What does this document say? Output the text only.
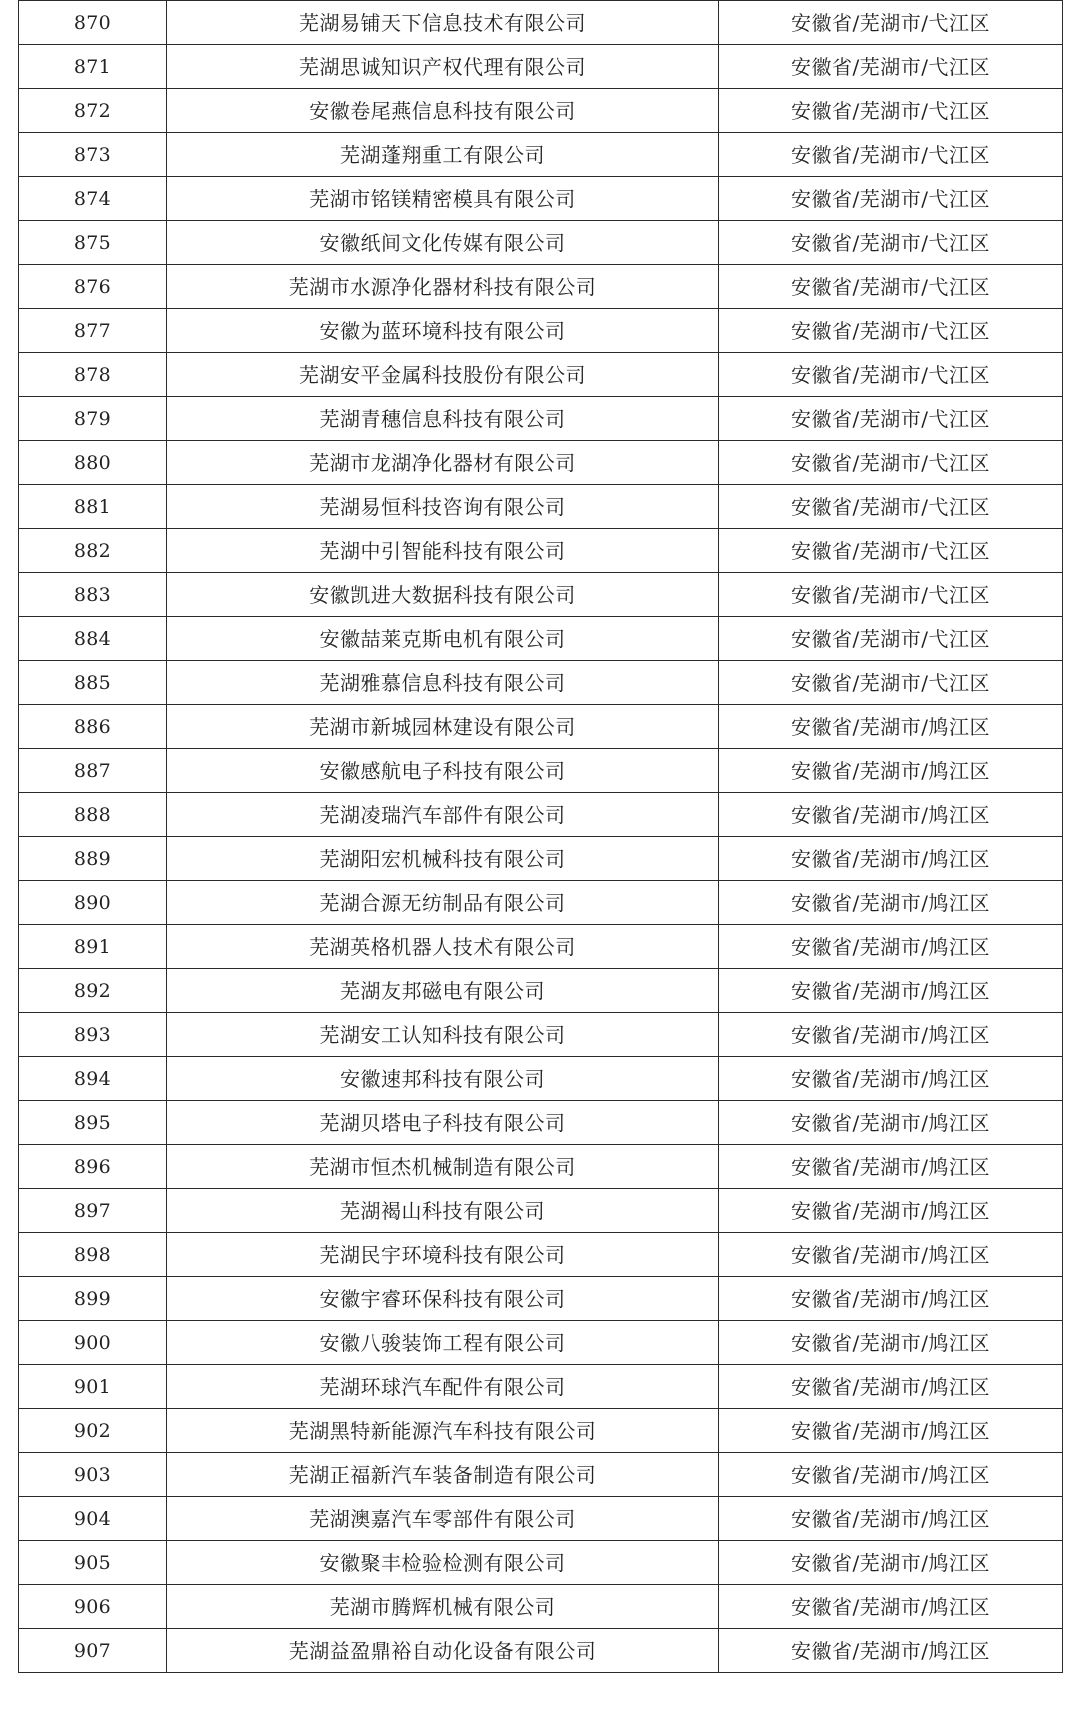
870	芜湖易铺天下信息技术有限公司	安徽省/芜湖市/弋江区
871	芜湖思诚知识产权代理有限公司	安徽省/芜湖市/弋江区
872	安徽卷尾燕信息科技有限公司	安徽省/芜湖市/弋江区
873	芜湖蓬翔重工有限公司	安徽省/芜湖市/弋江区
874	芜湖市铭镁精密模具有限公司	安徽省/芜湖市/弋江区
875	安徽纸间文化传媒有限公司	安徽省/芜湖市/弋江区
876	芜湖市水源净化器材科技有限公司	安徽省/芜湖市/弋江区
877	安徽为蓝环境科技有限公司	安徽省/芜湖市/弋江区
878	芜湖安平金属科技股份有限公司	安徽省/芜湖市/弋江区
879	芜湖青穗信息科技有限公司	安徽省/芜湖市/弋江区
880	芜湖市龙湖净化器材有限公司	安徽省/芜湖市/弋江区
881	芜湖易恒科技咨询有限公司	安徽省/芜湖市/弋江区
882	芜湖中引智能科技有限公司	安徽省/芜湖市/弋江区
883	安徽凯进大数据科技有限公司	安徽省/芜湖市/弋江区
884	安徽喆莱克斯电机有限公司	安徽省/芜湖市/弋江区
885	芜湖雅慕信息科技有限公司	安徽省/芜湖市/弋江区
886	芜湖市新城园林建设有限公司	安徽省/芜湖市/鸠江区
887	安徽感航电子科技有限公司	安徽省/芜湖市/鸠江区
888	芜湖凌瑞汽车部件有限公司	安徽省/芜湖市/鸠江区
889	芜湖阳宏机械科技有限公司	安徽省/芜湖市/鸠江区
890	芜湖合源无纺制品有限公司	安徽省/芜湖市/鸠江区
891	芜湖英格机器人技术有限公司	安徽省/芜湖市/鸠江区
892	芜湖友邦磁电有限公司	安徽省/芜湖市/鸠江区
893	芜湖安工认知科技有限公司	安徽省/芜湖市/鸠江区
894	安徽速邦科技有限公司	安徽省/芜湖市/鸠江区
895	芜湖贝塔电子科技有限公司	安徽省/芜湖市/鸠江区
896	芜湖市恒杰机械制造有限公司	安徽省/芜湖市/鸠江区
897	芜湖褐山科技有限公司	安徽省/芜湖市/鸠江区
898	芜湖民宇环境科技有限公司	安徽省/芜湖市/鸠江区
899	安徽宇睿环保科技有限公司	安徽省/芜湖市/鸠江区
900	安徽八骏装饰工程有限公司	安徽省/芜湖市/鸠江区
901	芜湖环球汽车配件有限公司	安徽省/芜湖市/鸠江区
902	芜湖黑特新能源汽车科技有限公司	安徽省/芜湖市/鸠江区
903	芜湖正福新汽车装备制造有限公司	安徽省/芜湖市/鸠江区
904	芜湖澳嘉汽车零部件有限公司	安徽省/芜湖市/鸠江区
905	安徽聚丰检验检测有限公司	安徽省/芜湖市/鸠江区
906	芜湖市腾辉机械有限公司	安徽省/芜湖市/鸠江区
907	芜湖益盈鼎裕自动化设备有限公司	安徽省/芜湖市/鸠江区
